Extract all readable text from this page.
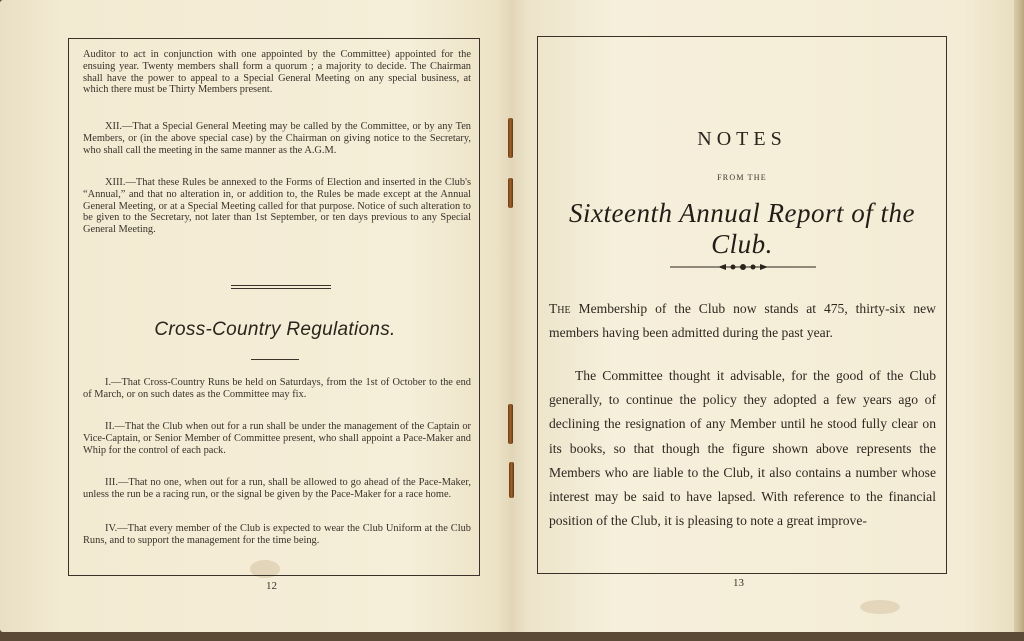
Auditor to act in conjunction with one appointed by the Committee) appointed for the ensuing year. Twenty members shall form a quorum ; a majority to decide. The Chairman shall have the power to appeal to a Special General Meeting on any special business, at which there must be Thirty Members present.
XII.—That a Special General Meeting may be called by the Committee, or by any Ten Members, or (in the above special case) by the Chairman on giving notice to the Secretary, who shall call the meeting in the same manner as the A.G.M.
XIII.—That these Rules be annexed to the Forms of Election and inserted in the Club's “Annual,” and that no alteration in, or addition to, the Rules be made except at the Annual General Meeting, or at a Special Meeting called for that purpose. Notice of such alteration to be given to the Secretary, not later than 1st September, or ten days previous to any Special General Meeting.
Cross-Country Regulations.
I.—That Cross-Country Runs be held on Saturdays, from the 1st of October to the end of March, or on such dates as the Committee may fix.
II.—That the Club when out for a run shall be under the management of the Captain or Vice-Captain, or Senior Member of Committee present, who shall appoint a Pace-Maker and Whip for the control of each pack.
III.—That no one, when out for a run, shall be allowed to go ahead of the Pace-Maker, unless the run be a racing run, or the signal be given by the Pace-Maker for a race home.
IV.—That every member of the Club is expected to wear the Club Uniform at the Club Runs, and to support the management for the time being.
12
NOTES
FROM THE
Sixteenth Annual Report of the Club.
The Membership of the Club now stands at 475, thirty-six new members having been admitted during the past year.
The Committee thought it advisable, for the good of the Club generally, to continue the policy they adopted a few years ago of declining the resignation of any Member until he stood fully clear on its books, so that though the figure shown above represents the Members who are liable to the Club, it also contains a number whose interest may be said to have lapsed. With reference to the financial position of the Club, it is pleasing to note a great improve-
13
